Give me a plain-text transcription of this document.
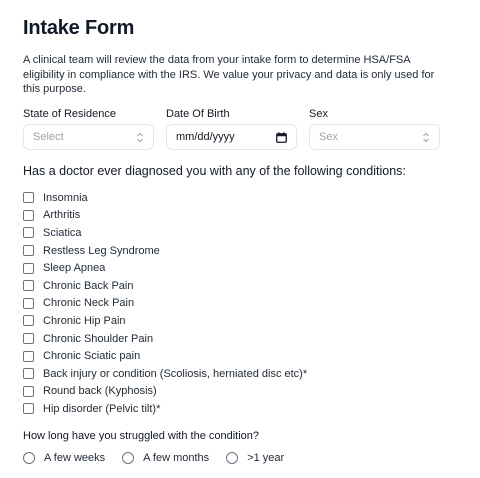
Intake Form

A clinical team will review the data from your intake form to determine HSA/FSA eligibility in compliance with the IRS. We value your privacy and data is only used for this purpose.

State of Residence
Select
Date Of Birth
mm/dd/yyyy
Sex
Sex

Has a doctor ever diagnosed you with any of the following conditions:

Insomnia
Arthritis
Sciatica
Restless Leg Syndrome
Sleep Apnea
Chronic Back Pain
Chronic Neck Pain
Chronic Hip Pain
Chronic Shoulder Pain
Chronic Sciatic pain
Back injury or condition (Scoliosis, herniated disc etc)*
Round back (Kyphosis)
Hip disorder (Pelvic tilt)*

How long have you struggled with the condition?

A few weeks	A few months	>1 year
